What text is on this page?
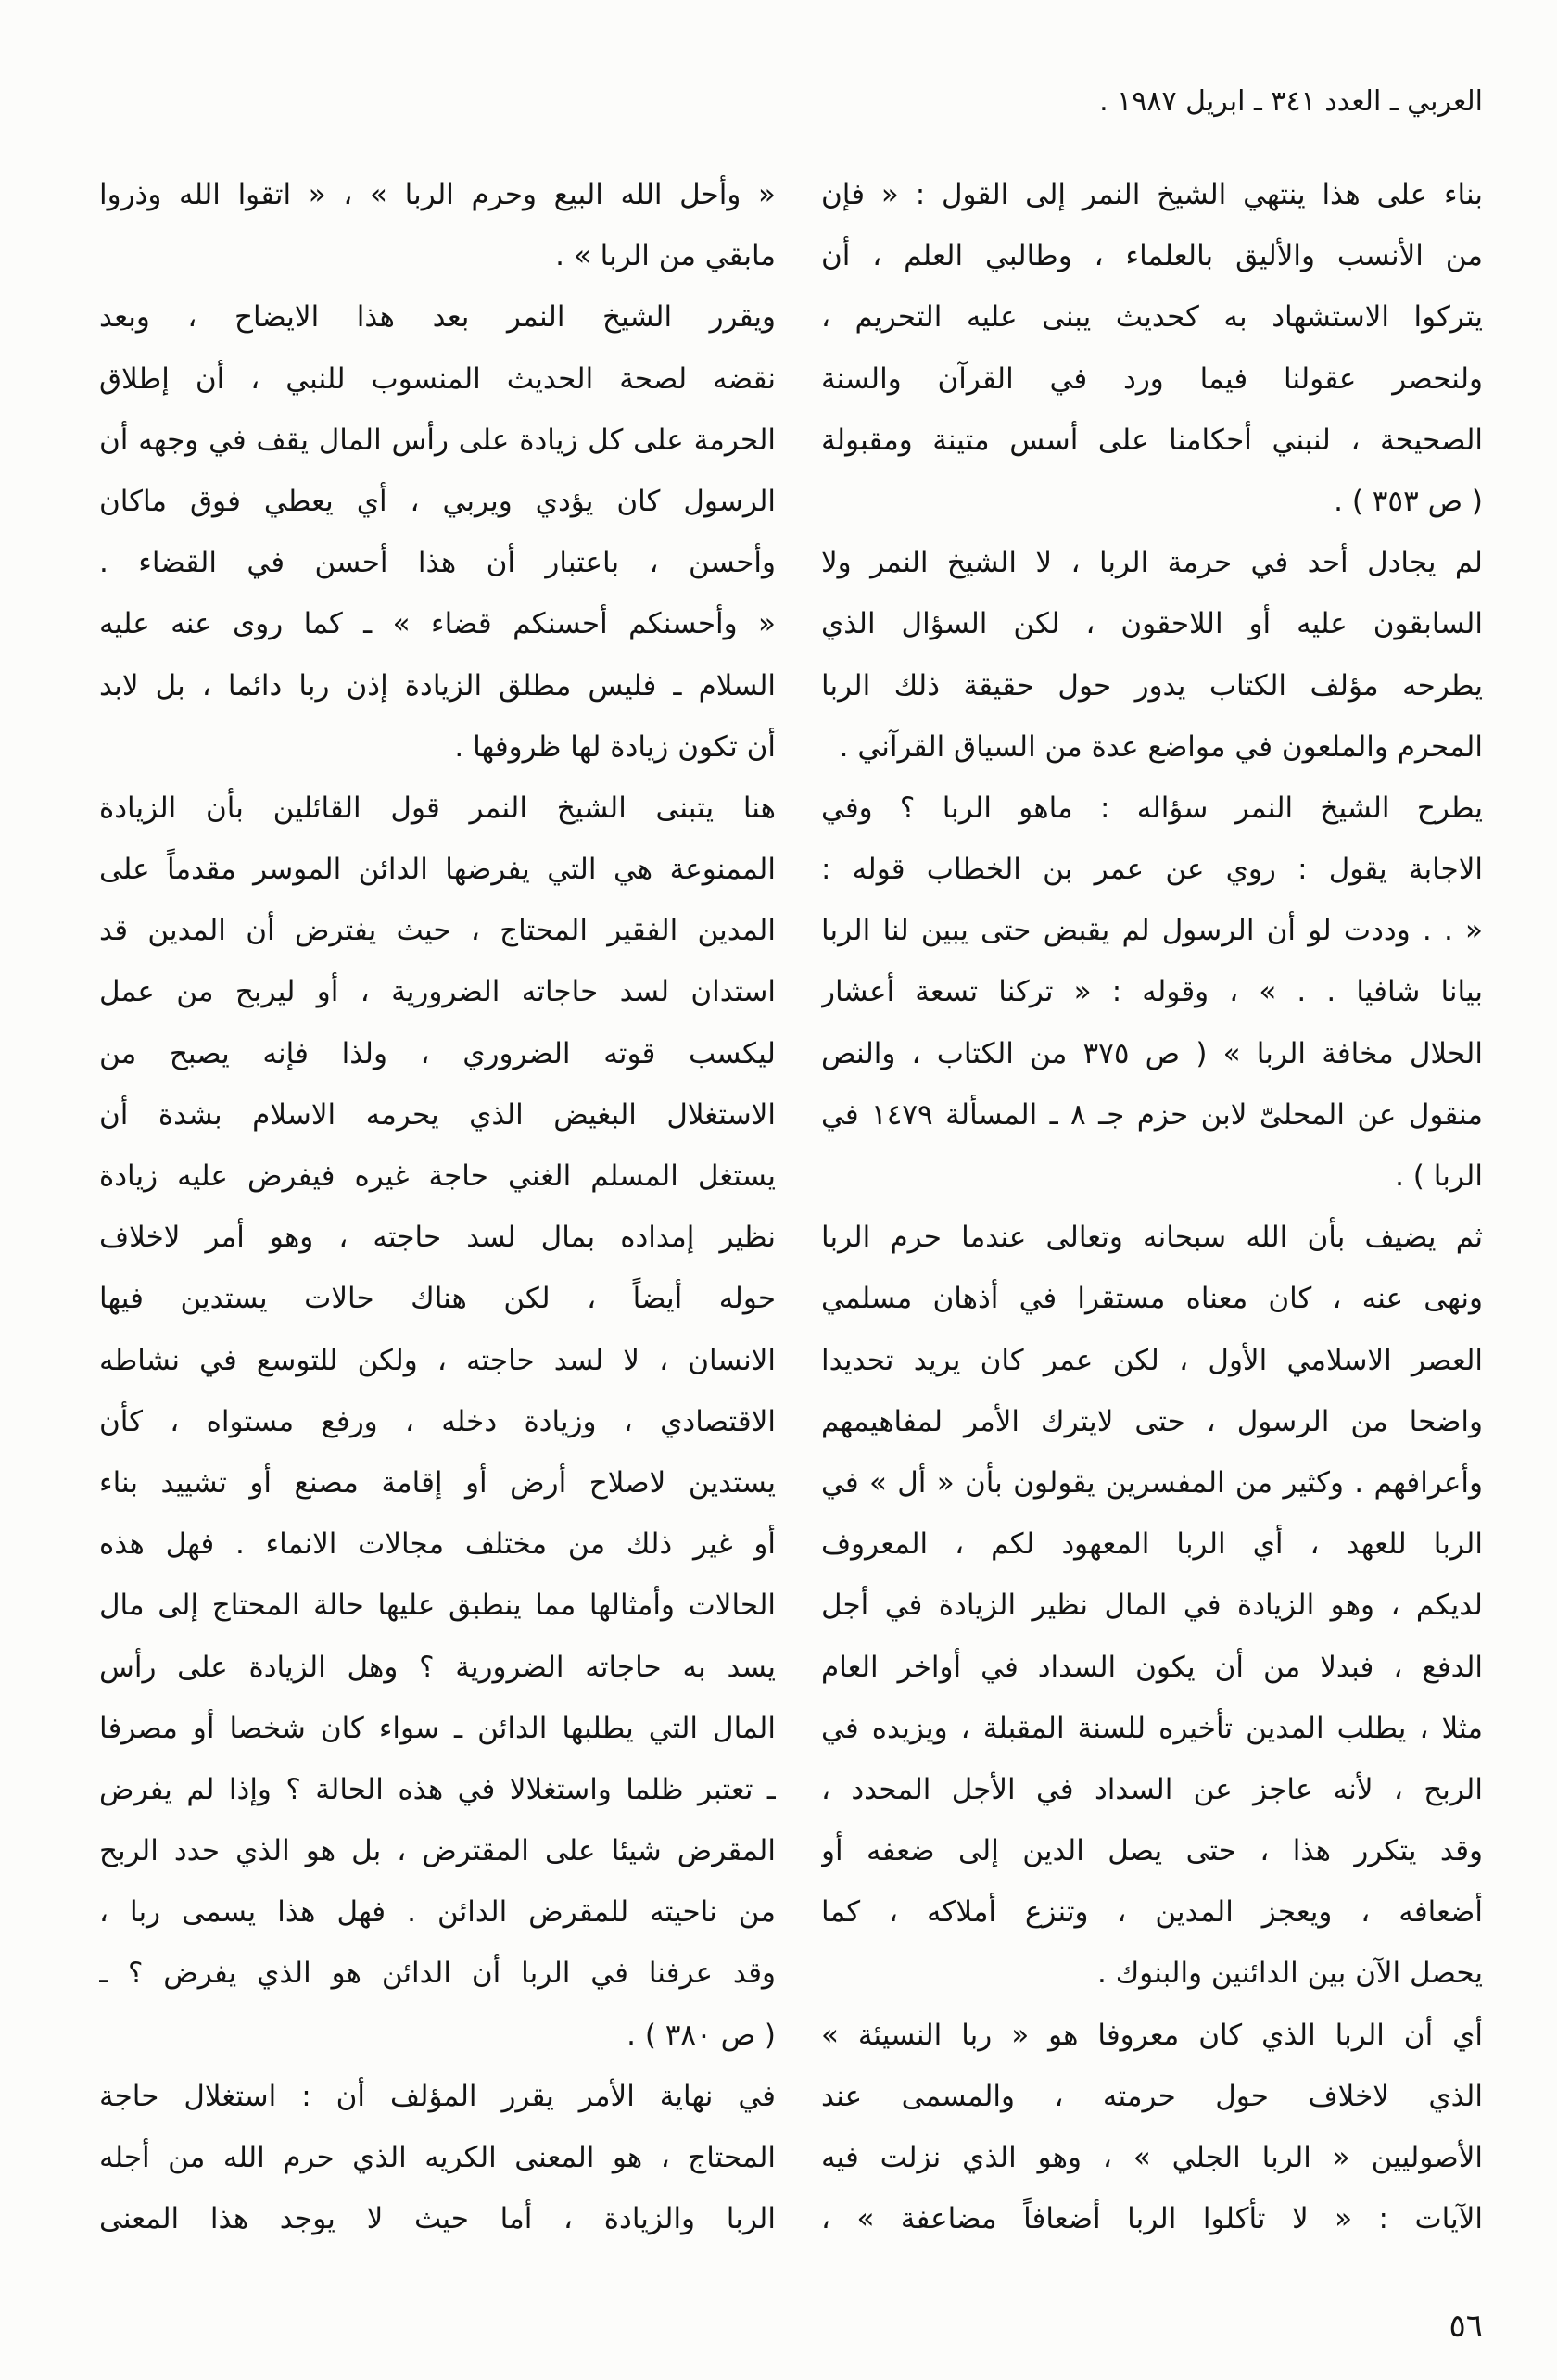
العربي ـ العدد ٣٤١ ـ ابريل ١٩٨٧ .
بناء على هذا ينتهي الشيخ النمر إلى القول : « فإن
من الأنسب والأليق بالعلماء ، وطالبي العلم ، أن
يتركوا الاستشهاد به كحديث يبنى عليه التحريم ،
ولنحصر عقولنا فيما ورد في القرآن والسنة
الصحيحة ، لنبني أحكامنا على أسس متينة ومقبولة
( ص ٣٥٣ ) .
لم يجادل أحد في حرمة الربا ، لا الشيخ النمر ولا
السابقون عليه أو اللاحقون ، لكن السؤال الذي
يطرحه مؤلف الكتاب يدور حول حقيقة ذلك الربا
المحرم والملعون في مواضع عدة من السياق القرآني .
يطرح الشيخ النمر سؤاله : ماهو الربا ؟ وفي
الاجابة يقول : روي عن عمر بن الخطاب قوله :
« . . وددت لو أن الرسول لم يقبض حتى يبين لنا الربا
بيانا شافيا . . » ، وقوله : « تركنا تسعة أعشار
الحلال مخافة الربا » ( ص ٣٧٥ من الكتاب ، والنص
منقول عن المحلىّ لابن حزم جـ ٨ ـ المسألة ١٤٧٩ في
الربا ) .
ثم يضيف بأن الله سبحانه وتعالى عندما حرم الربا
ونهى عنه ، كان معناه مستقرا في أذهان مسلمي
العصر الاسلامي الأول ، لكن عمر كان يريد تحديدا
واضحا من الرسول ، حتى لايترك الأمر لمفاهيمهم
وأعرافهم . وكثير من المفسرين يقولون بأن « أل » في
الربا للعهد ، أي الربا المعهود لكم ، المعروف
لديكم ، وهو الزيادة في المال نظير الزيادة في أجل
الدفع ، فبدلا من أن يكون السداد في أواخر العام
مثلا ، يطلب المدين تأخيره للسنة المقبلة ، ويزيده في
الربح ، لأنه عاجز عن السداد في الأجل المحدد ،
وقد يتكرر هذا ، حتى يصل الدين إلى ضعفه أو
أضعافه ، ويعجز المدين ، وتنزع أملاكه ، كما
يحصل الآن بين الدائنين والبنوك .
أي أن الربا الذي كان معروفا هو « ربا النسيئة »
الذي لاخلاف حول حرمته ، والمسمى عند
الأصوليين « الربا الجلي » ، وهو الذي نزلت فيه
الآيات : « لا تأكلوا الربا أضعافاً مضاعفة » ،
« وأحل الله البيع وحرم الربا » ، « اتقوا الله وذروا
مابقي من الربا » .
ويقرر الشيخ النمر بعد هذا الايضاح ، وبعد
نقضه لصحة الحديث المنسوب للنبي ، أن إطلاق
الحرمة على كل زيادة على رأس المال يقف في وجهه أن
الرسول كان يؤدي ويربي ، أي يعطي فوق ماكان
وأحسن ، باعتبار أن هذا أحسن في القضاء .
« وأحسنكم أحسنكم قضاء » ـ كما روى عنه عليه
السلام ـ فليس مطلق الزيادة إذن ربا دائما ، بل لابد
أن تكون زيادة لها ظروفها .
هنا يتبنى الشيخ النمر قول القائلين بأن الزيادة
الممنوعة هي التي يفرضها الدائن الموسر مقدماً على
المدين الفقير المحتاج ، حيث يفترض أن المدين قد
استدان لسد حاجاته الضرورية ، أو ليربح من عمل
ليكسب قوته الضروري ، ولذا فإنه يصبح من
الاستغلال البغيض الذي يحرمه الاسلام بشدة أن
يستغل المسلم الغني حاجة غيره فيفرض عليه زيادة
نظير إمداده بمال لسد حاجته ، وهو أمر لاخلاف
حوله أيضاً ، لكن هناك حالات يستدين فيها
الانسان ، لا لسد حاجته ، ولكن للتوسع في نشاطه
الاقتصادي ، وزيادة دخله ، ورفع مستواه ، كأن
يستدين لاصلاح أرض أو إقامة مصنع أو تشييد بناء
أو غير ذلك من مختلف مجالات الانماء . فهل هذه
الحالات وأمثالها مما ينطبق عليها حالة المحتاج إلى مال
يسد به حاجاته الضرورية ؟ وهل الزيادة على رأس
المال التي يطلبها الدائن ـ سواء كان شخصا أو مصرفا
ـ تعتبر ظلما واستغلالا في هذه الحالة ؟ وإذا لم يفرض
المقرض شيئا على المقترض ، بل هو الذي حدد الربح
من ناحيته للمقرض الدائن . فهل هذا يسمى ربا ،
وقد عرفنا في الربا أن الدائن هو الذي يفرض ؟ ـ
( ص ٣٨٠ ) .
في نهاية الأمر يقرر المؤلف أن : استغلال حاجة
المحتاج ، هو المعنى الكريه الذي حرم الله من أجله
الربا والزيادة ، أما حيث لا يوجد هذا المعنى
٥٦
